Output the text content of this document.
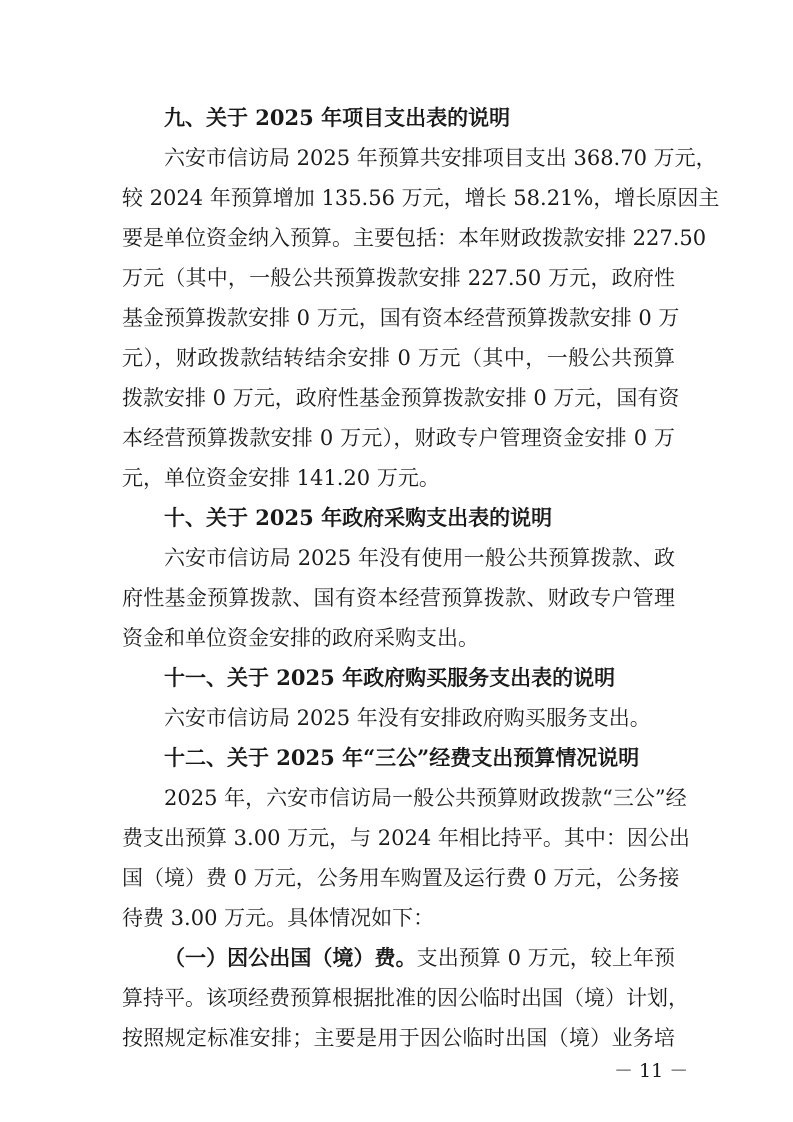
九、关于 2025 年项目支出表的说明
六安市信访局 2025 年预算共安排项目支出 368.70 万元，
较 2024 年预算增加 135.56 万元，增长 58.21%，增长原因主
要是单位资金纳入预算。主要包括：本年财政拨款安排 227.50
万元（其中，一般公共预算拨款安排 227.50 万元，政府性
基金预算拨款安排 0 万元，国有资本经营预算拨款安排 0 万
元），财政拨款结转结余安排 0 万元（其中，一般公共预算
拨款安排 0 万元，政府性基金预算拨款安排 0 万元，国有资
本经营预算拨款安排 0 万元），财政专户管理资金安排 0 万
元，单位资金安排 141.20 万元。
十、关于 2025 年政府采购支出表的说明
六安市信访局 2025 年没有使用一般公共预算拨款、政
府性基金预算拨款、国有资本经营预算拨款、财政专户管理
资金和单位资金安排的政府采购支出。
十一、关于 2025 年政府购买服务支出表的说明
六安市信访局 2025 年没有安排政府购买服务支出。
十二、关于 2025 年“三公”经费支出预算情况说明
2025 年，六安市信访局一般公共预算财政拨款“三公”经
费支出预算 3.00 万元，与 2024 年相比持平。其中：因公出
国（境）费 0 万元，公务用车购置及运行费 0 万元，公务接
待费 3.00 万元。具体情况如下：
（一）因公出国（境）费。支出预算 0 万元，较上年预
算持平。该项经费预算根据批准的因公临时出国（境）计划，
按照规定标准安排；主要是用于因公临时出国（境）业务培
－ 11 －
